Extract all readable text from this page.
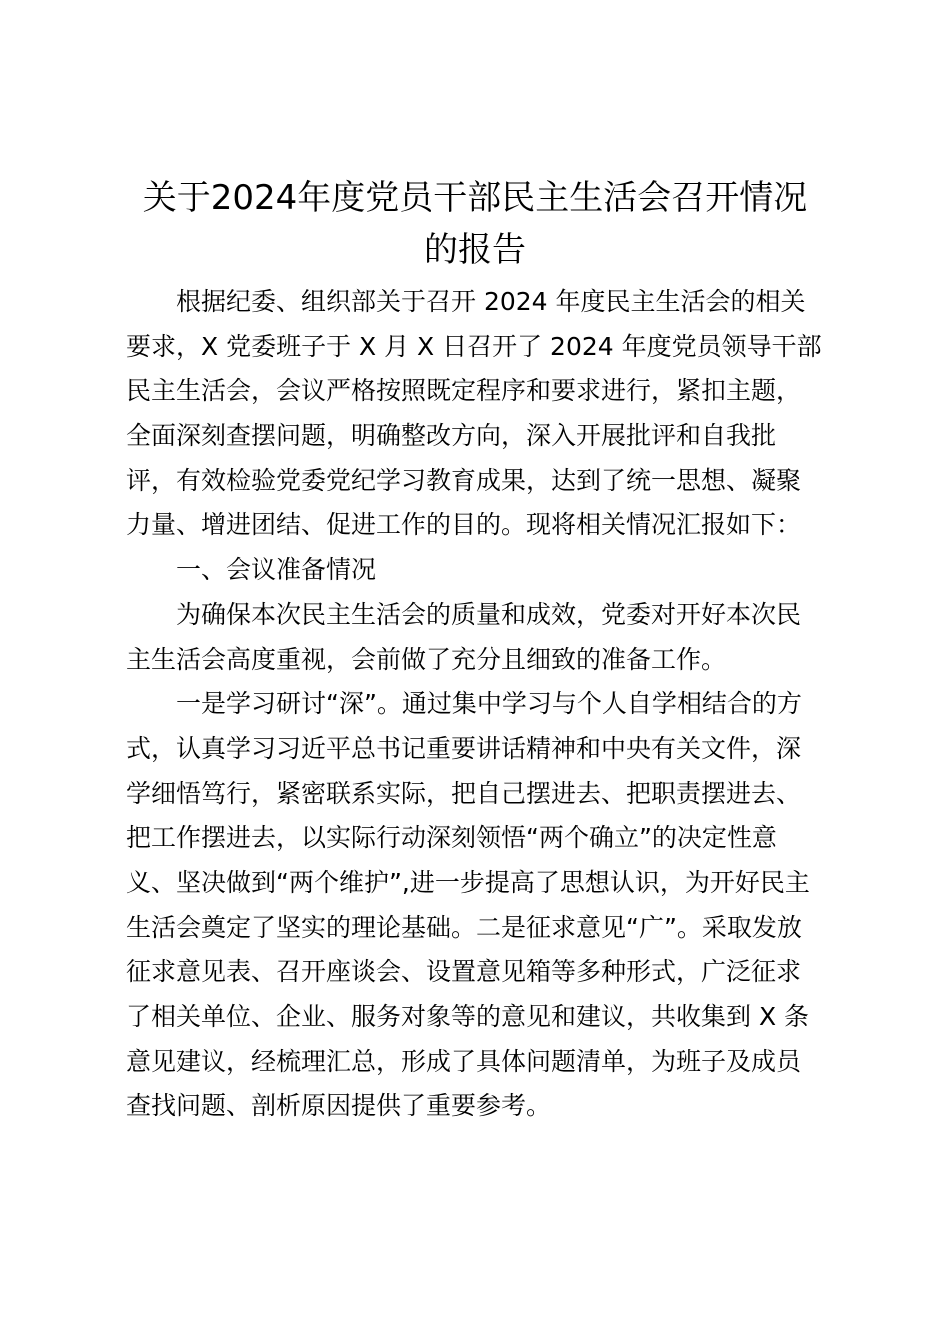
关于2024年度党员干部民主生活会召开情况
的报告
根据纪委、组织部关于召开 2024 年度民主生活会的相关
要求，X 党委班子于 X 月 X 日召开了 2024 年度党员领导干部
民主生活会，会议严格按照既定程序和要求进行，紧扣主题，
全面深刻查摆问题，明确整改方向，深入开展批评和自我批
评，有效检验党委党纪学习教育成果，达到了统一思想、凝聚
力量、增进团结、促进工作的目的。现将相关情况汇报如下：
一、会议准备情况
为确保本次民主生活会的质量和成效，党委对开好本次民
主生活会高度重视，会前做了充分且细致的准备工作。
一是学习研讨“深”。通过集中学习与个人自学相结合的方
式，认真学习习近平总书记重要讲话精神和中央有关文件，深
学细悟笃行，紧密联系实际，把自己摆进去、把职责摆进去、
把工作摆进去，以实际行动深刻领悟“两个确立”的决定性意
义、坚决做到“两个维护”,进一步提高了思想认识，为开好民主
生活会奠定了坚实的理论基础。二是征求意见“广”。采取发放
征求意见表、召开座谈会、设置意见箱等多种形式，广泛征求
了相关单位、企业、服务对象等的意见和建议，共收集到 X 条
意见建议，经梳理汇总，形成了具体问题清单，为班子及成员
查找问题、剖析原因提供了重要参考。
